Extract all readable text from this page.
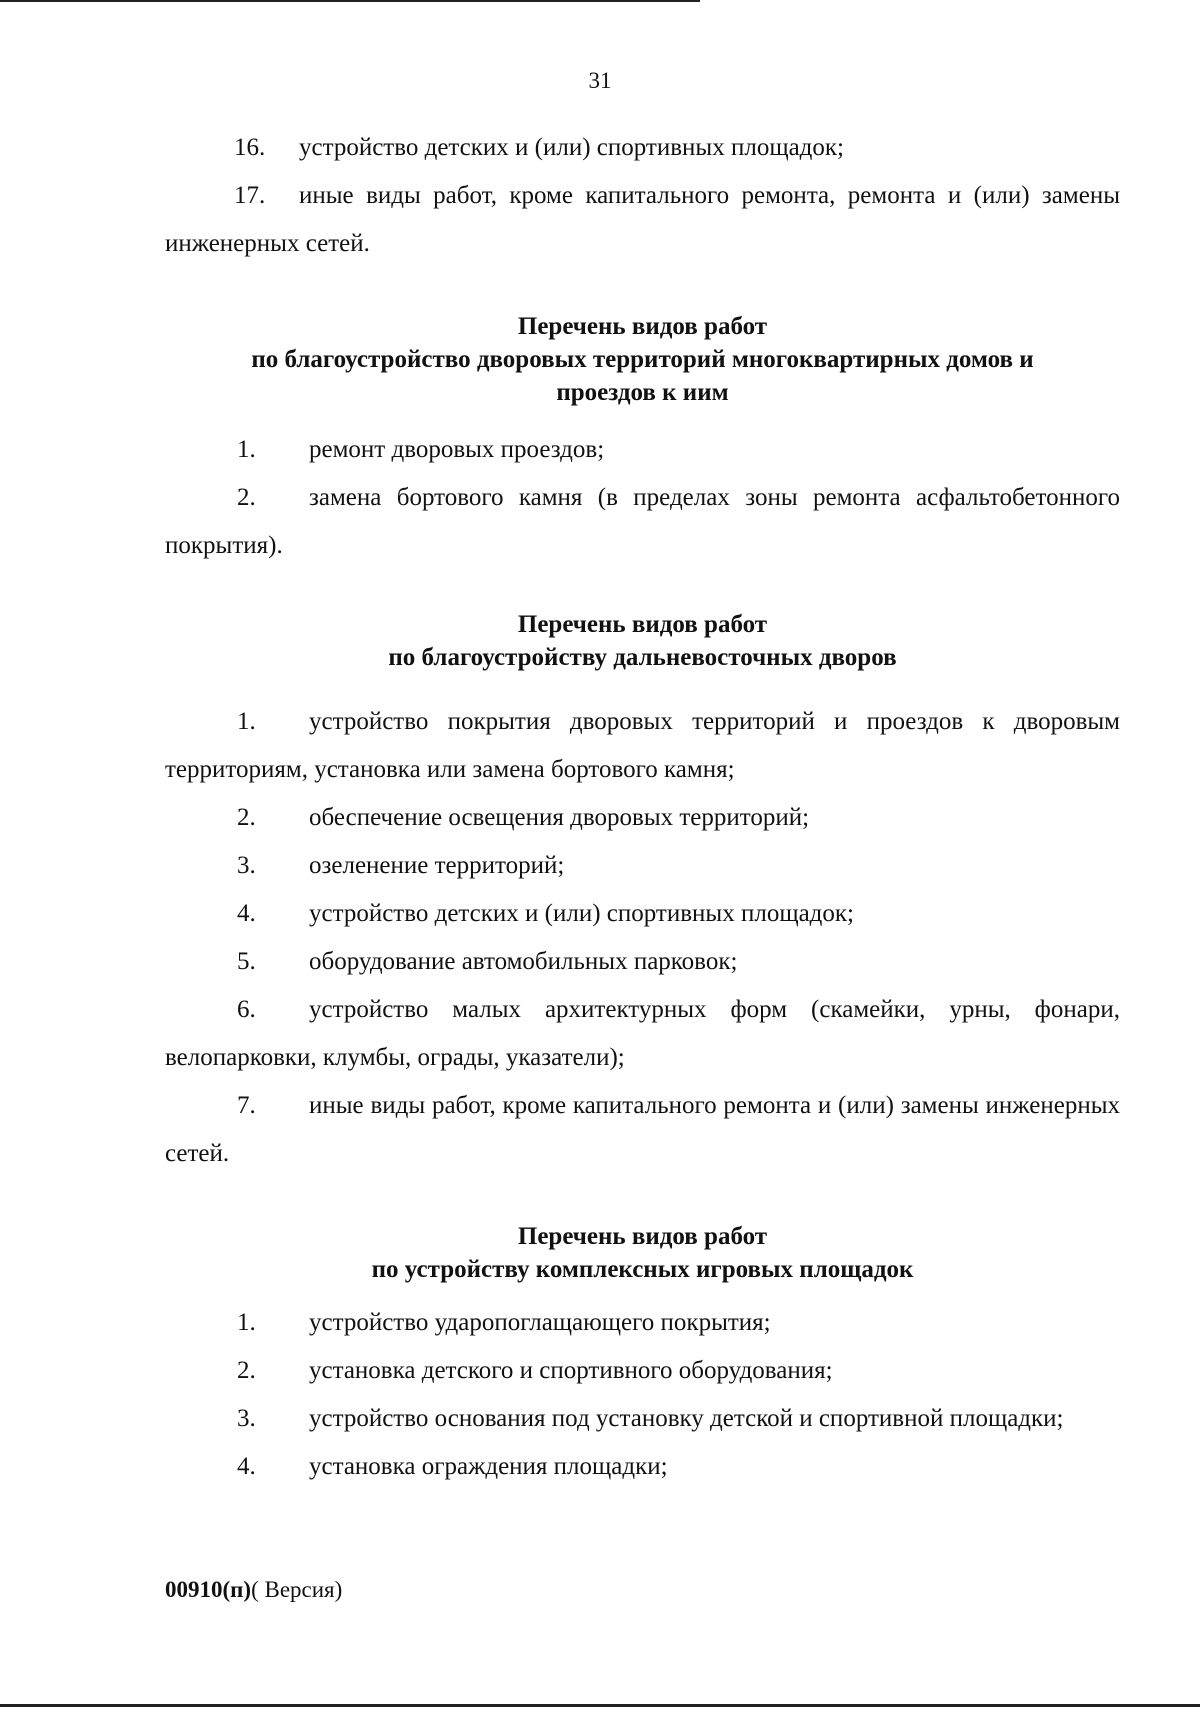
31
16. устройство детских и (или) спортивных площадок;
17. иные виды работ, кроме капитального ремонта, ремонта и (или) замены инженерных сетей.
Перечень видов работ
по благоустройство дворовых территорий многоквартирных домов и
проездов к иим
1. ремонт дворовых проездов;
2. замена бортового камня (в пределах зоны ремонта асфальтобетонного покрытия).
Перечень видов работ
по благоустройству дальневосточных дворов
1. устройство покрытия дворовых территорий и проездов к дворовым территориям, установка или замена бортового камня;
2. обеспечение освещения дворовых территорий;
3. озеленение территорий;
4. устройство детских и (или) спортивных площадок;
5. оборудование автомобильных парковок;
6. устройство малых архитектурных форм (скамейки, урны, фонари, велопарковки, клумбы, ограды, указатели);
7. иные виды работ, кроме капитального ремонта и (или) замены инженерных сетей.
Перечень видов работ
по устройству комплексных игровых площадок
1. устройство ударопоглащающего покрытия;
2. установка детского и спортивного оборудования;
3. устройство основания под установку детской и спортивной площадки;
4. установка ограждения площадки;
00910(п)( Версия)
